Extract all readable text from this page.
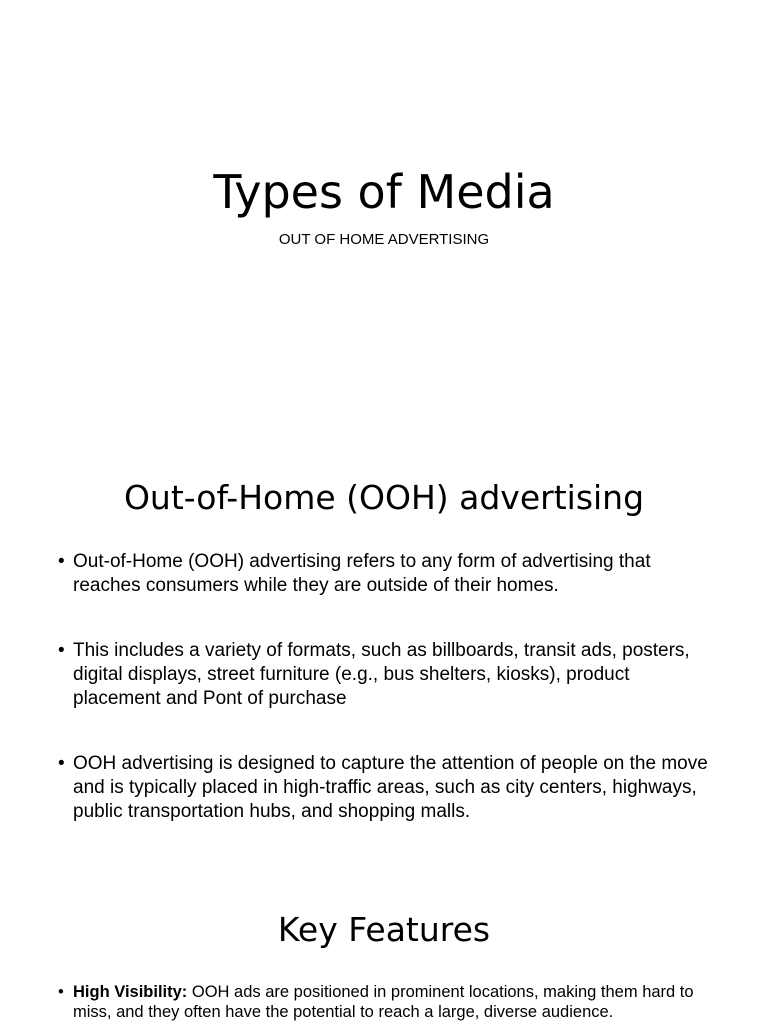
Types of Media

OUT OF HOME ADVERTISING

Out-of-Home (OOH) advertising
• Out-of-Home (OOH) advertising refers to any form of advertising that reaches consumers while they are outside of their homes.
• This includes a variety of formats, such as billboards, transit ads, posters, digital displays, street furniture (e.g., bus shelters, kiosks), product placement and Pont of purchase
• OOH advertising is designed to capture the attention of people on the move and is typically placed in high-traffic areas, such as city centers, highways, public transportation hubs, and shopping malls.
Key Features
• High Visibility: OOH ads are positioned in prominent locations, making them hard to miss, and they often have the potential to reach a large, diverse audience.
